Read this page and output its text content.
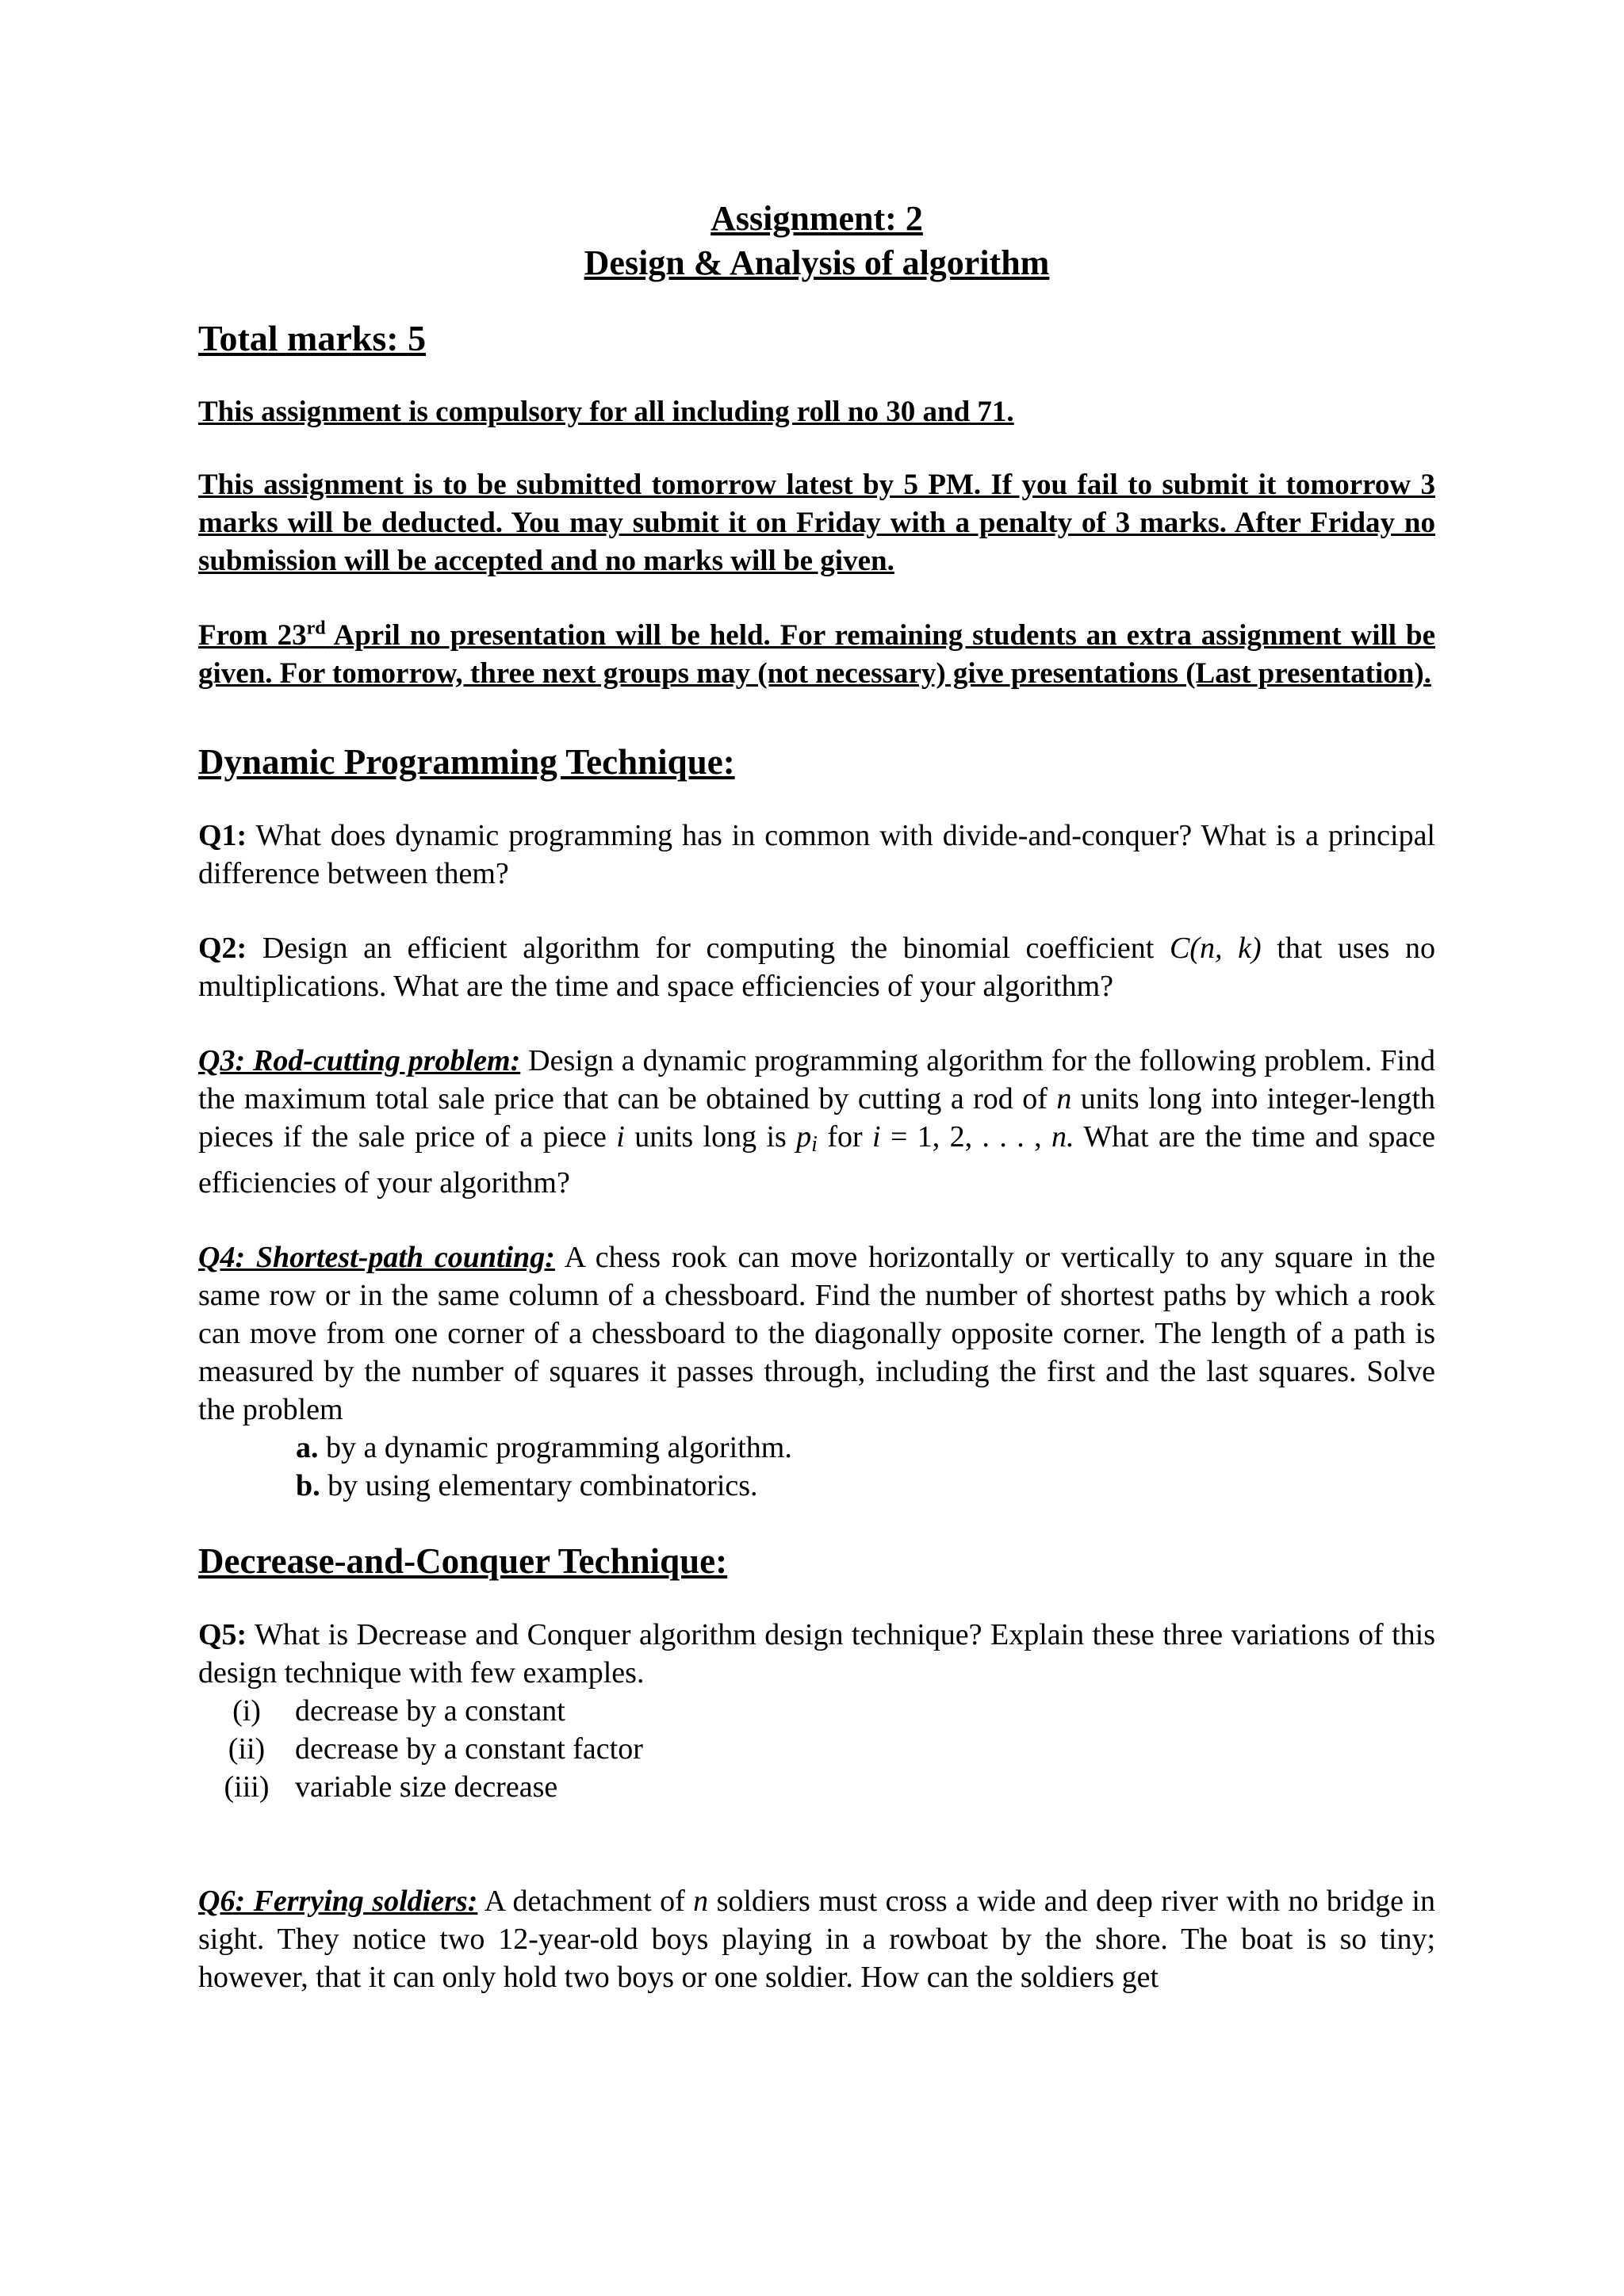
Assignment: 2
Design & Analysis of algorithm
Total marks: 5

This assignment is compulsory for all including roll no 30 and 71.

This assignment is to be submitted tomorrow latest by 5 PM. If you fail to submit it tomorrow 3 marks will be deducted. You may submit it on Friday with a penalty of 3 marks. After Friday no submission will be accepted and no marks will be given.

From 23rd April no presentation will be held. For remaining students an extra assignment will be given. For tomorrow, three next groups may (not necessary) give presentations (Last presentation).

Dynamic Programming Technique:

Q1: What does dynamic programming has in common with divide-and-conquer? What is a principal difference between them?

Q2: Design an efficient algorithm for computing the binomial coefficient C(n, k) that uses no multiplications. What are the time and space efficiencies of your algorithm?

Q3: Rod-cutting problem: Design a dynamic programming algorithm for the following problem. Find the maximum total sale price that can be obtained by cutting a rod of n units long into integer-length pieces if the sale price of a piece i units long is $p_i$ for i = 1, 2, . . . , n. What are the time and space efficiencies of your algorithm?

Q4: Shortest-path counting: A chess rook can move horizontally or vertically to any square in the same row or in the same column of a chessboard. Find the number of shortest paths by which a rook can move from one corner of a chessboard to the diagonally opposite corner. The length of a path is measured by the number of squares it passes through, including the first and the last squares. Solve the problem

a. by a dynamic programming algorithm.
b. by using elementary combinatorics.
Decrease-and-Conquer Technique:

Q5: What is Decrease and Conquer algorithm design technique? Explain these three variations of this design technique with few examples.

(i)	decrease by a constant
(ii) decrease by a constant factor
(iii) variable size decrease

Q6: Ferrying soldiers: A detachment of n soldiers must cross a wide and deep river with no bridge in sight. They notice two 12-year-old boys playing in a rowboat by the shore. The boat is so tiny; however, that it can only hold two boys or one soldier. How can the soldiers get
